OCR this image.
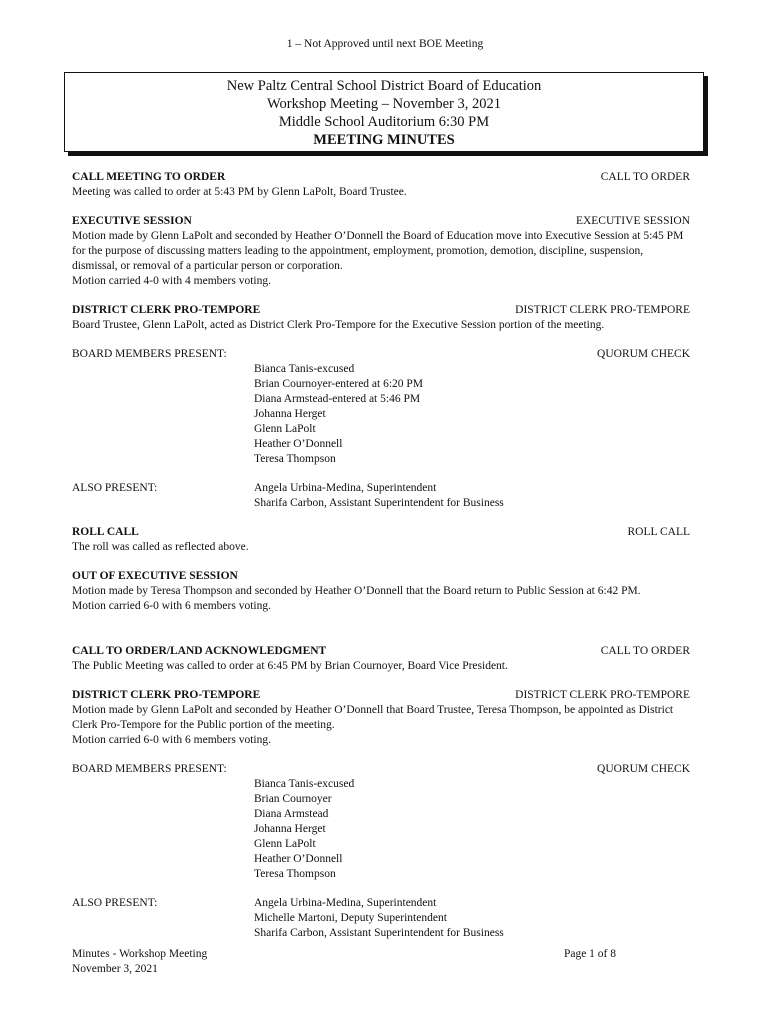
1 – Not Approved until next BOE Meeting
New Paltz Central School District Board of Education
Workshop Meeting – November 3, 2021
Middle School Auditorium 6:30 PM
MEETING MINUTES
CALL MEETING TO ORDER	CALL TO ORDER

Meeting was called to order at 5:43 PM by Glenn LaPolt, Board Trustee.

EXECUTIVE SESSION	EXECUTIVE SESSION

Motion made by Glenn LaPolt and seconded by Heather O’Donnell the Board of Education move into Executive Session at 5:45 PM for the purpose of discussing matters leading to the appointment, employment, promotion, demotion, discipline, suspension, dismissal, or removal of a particular person or corporation.

Motion carried 4-0 with 4 members voting.

DISTRICT CLERK PRO-TEMPORE	DISTRICT CLERK PRO-TEMPORE

Board Trustee, Glenn LaPolt, acted as District Clerk Pro-Tempore for the Executive Session portion of the meeting.

BOARD MEMBERS PRESENT:	QUORUM CHECK
Bianca Tanis-excused
Brian Cournoyer-entered at 6:20 PM
Diana Armstead-entered at 5:46 PM
Johanna Herget
Glenn LaPolt
Heather O’Donnell
Teresa Thompson
ALSO PRESENT:	Angela Urbina-Medina, Superintendent
Sharifa Carbon, Assistant Superintendent for Business
ROLL CALL	ROLL CALL

The roll was called as reflected above.

OUT OF EXECUTIVE SESSION

Motion made by Teresa Thompson and seconded by Heather O’Donnell that the Board return to Public Session at 6:42 PM.

Motion carried 6-0 with 6 members voting.

CALL TO ORDER/LAND ACKNOWLEDGMENT	CALL TO ORDER

The Public Meeting was called to order at 6:45 PM by Brian Cournoyer, Board Vice President.

DISTRICT CLERK PRO-TEMPORE	DISTRICT CLERK PRO-TEMPORE

Motion made by Glenn LaPolt and seconded by Heather O’Donnell that Board Trustee, Teresa Thompson, be appointed as District Clerk Pro-Tempore for the Public portion of the meeting.

Motion carried 6-0 with 6 members voting.

BOARD MEMBERS PRESENT:	QUORUM CHECK
Bianca Tanis-excused
Brian Cournoyer
Diana Armstead
Johanna Herget
Glenn LaPolt
Heather O’Donnell
Teresa Thompson
ALSO PRESENT:	Angela Urbina-Medina, Superintendent
Michelle Martoni, Deputy Superintendent
Sharifa Carbon, Assistant Superintendent for Business
Minutes - Workshop Meeting
November 3, 2021
Page 1 of 8
